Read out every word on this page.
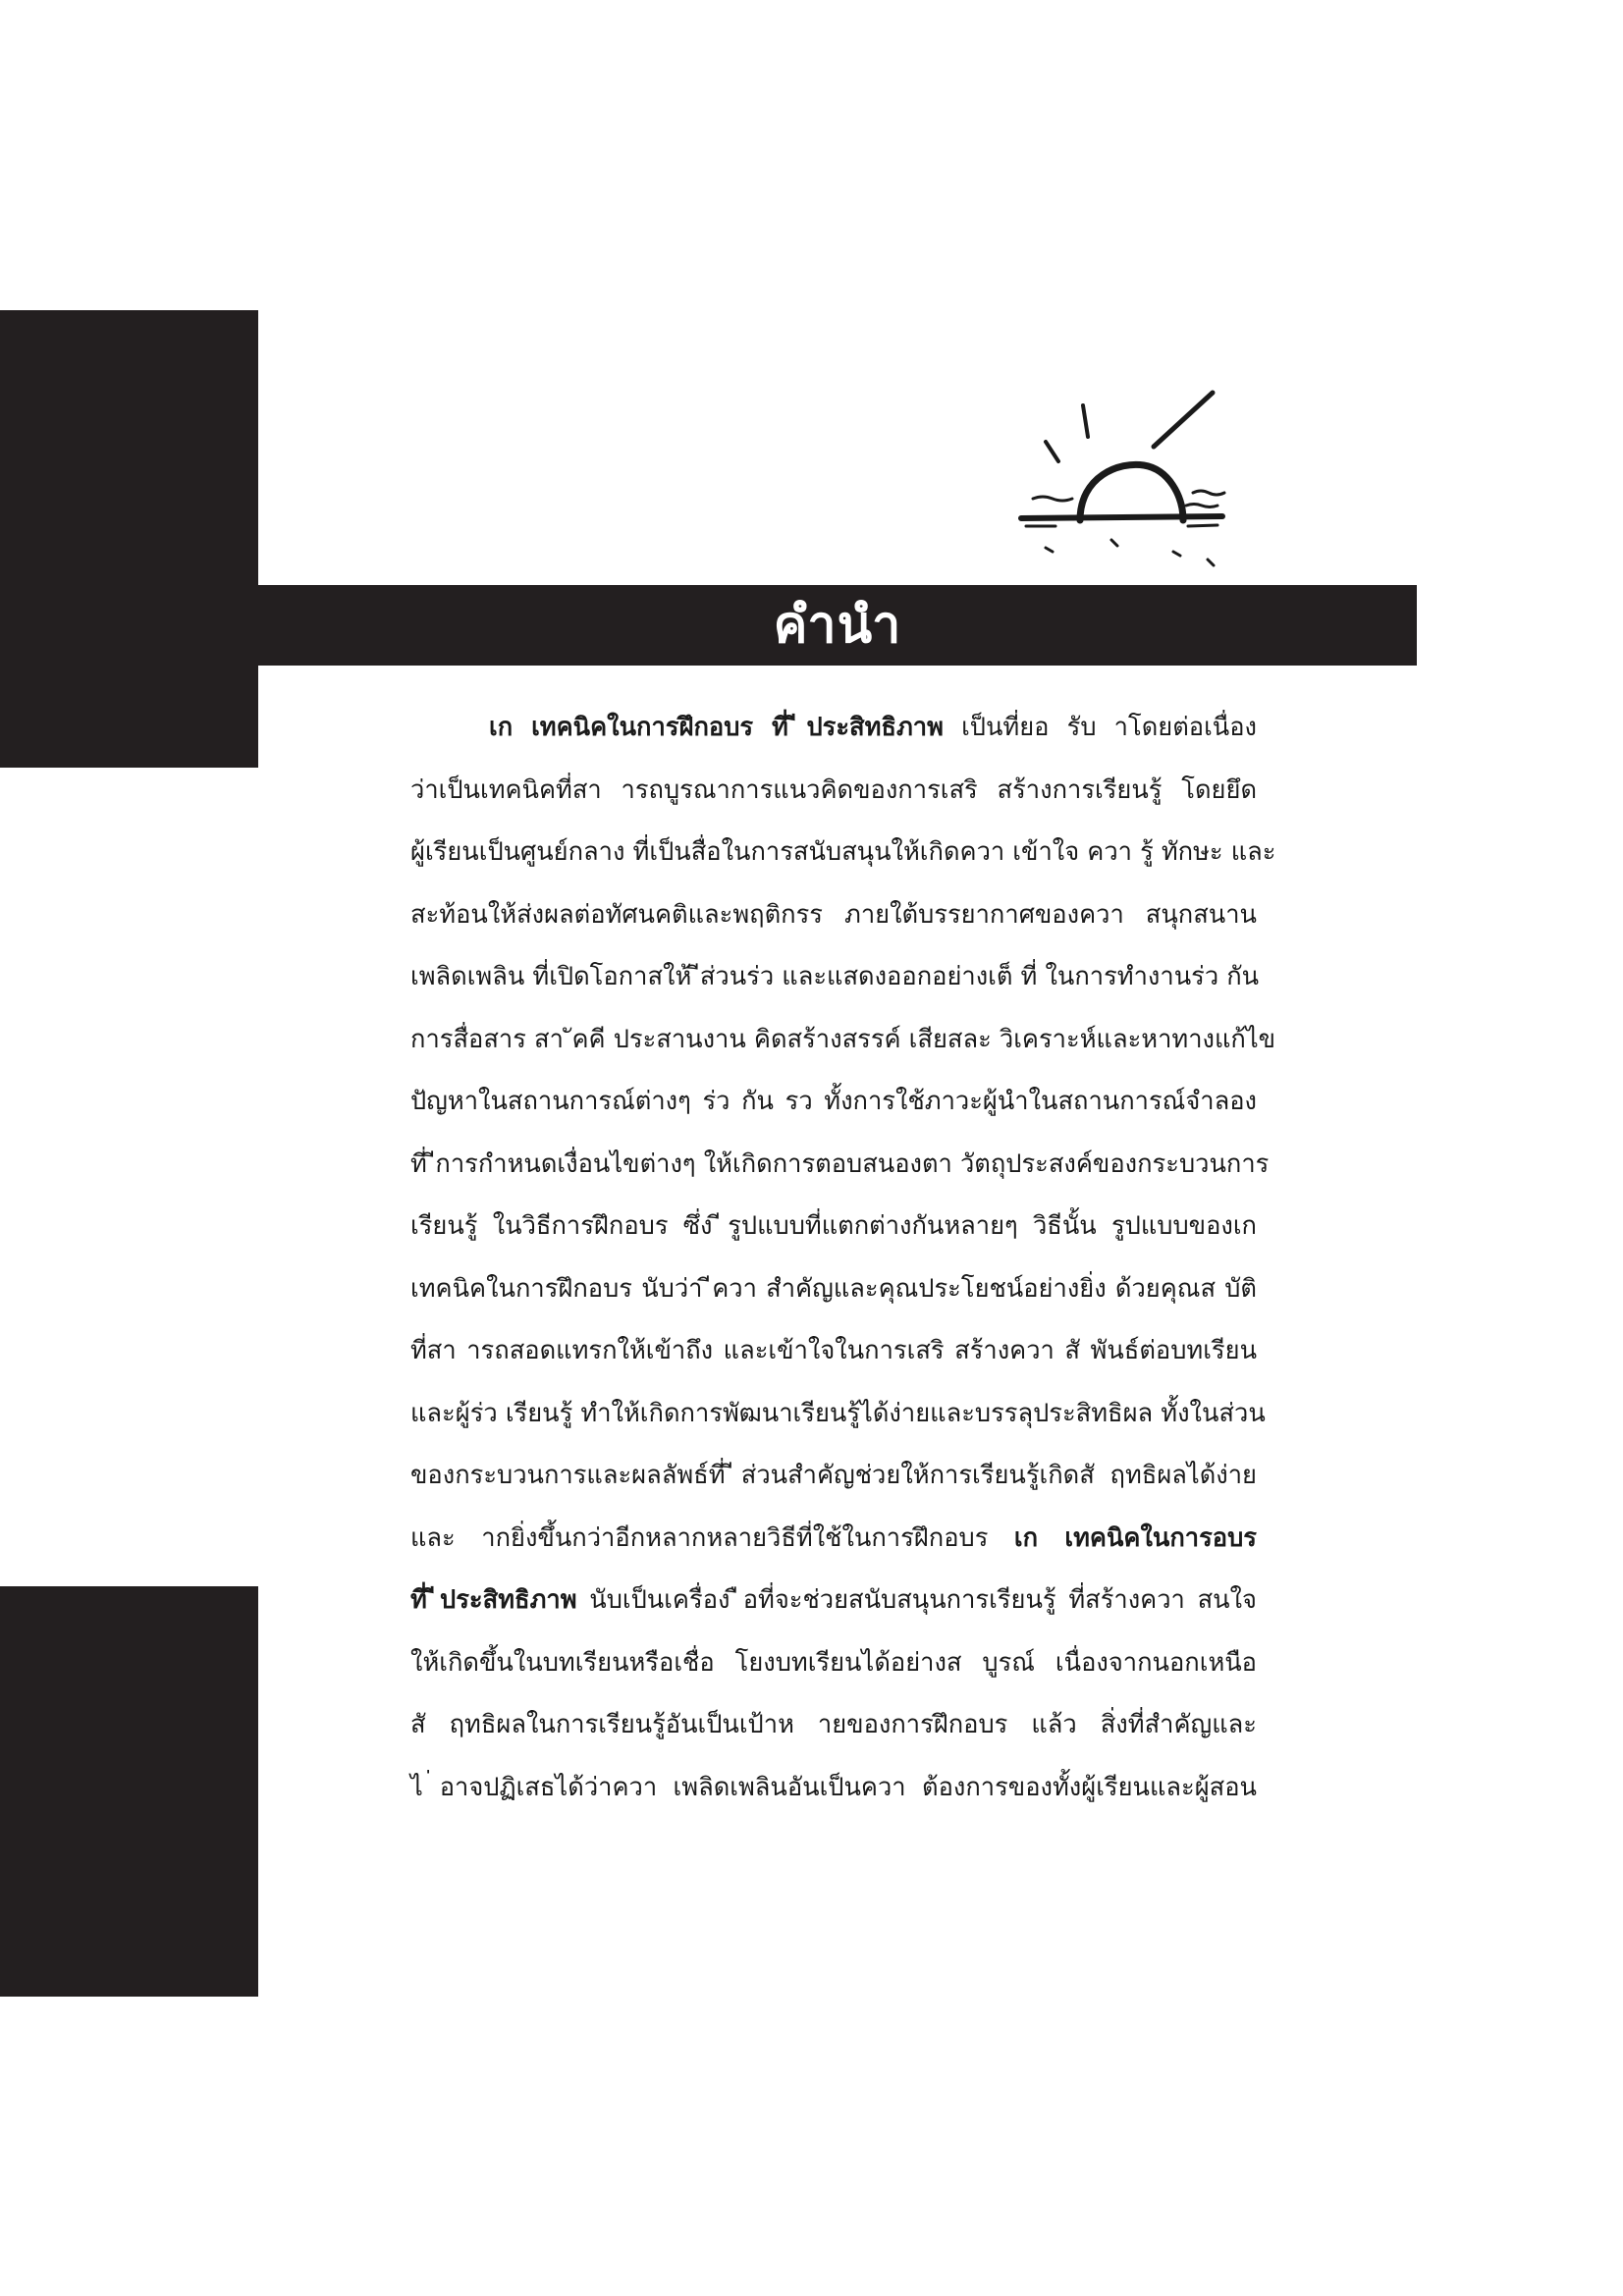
คำนำ
เก เทคนิคในการฝึกอบร ที่ ีประสิทธิภาพ เป็นที่ยอ รับ าโดยต่อเนื่อง
ว่าเป็นเทคนิคที่สา ารถบูรณาการแนวคิดของการเสริ สร้างการเรียนรู้ โดยยึด
ผู้เรียนเป็นศูนย์กลาง ที่เป็นสื่อในการสนับสนุนให้เกิดควา เข้าใจ ควา รู้ ทักษะ และ
สะท้อนให้ส่งผลต่อทัศนคติและพฤติกรร ภายใต้บรรยากาศของควา สนุกสนาน
เพลิดเพลิน ที่เปิดโอกาสให้ ีส่วนร่ว และแสดงออกอย่างเต็ ที่ ในการทำงานร่ว กัน
การสื่อสาร สา ัคคี ประสานงาน คิดสร้างสรรค์ เสียสละ วิเคราะห์และหาทางแก้ไข
ปัญหาในสถานการณ์ต่างๆ ร่ว กัน รว ทั้งการใช้ภาวะผู้นำในสถานการณ์จำลอง
ที่ ีการกำหนดเงื่อนไขต่างๆ ให้เกิดการตอบสนองตา วัตถุประสงค์ของกระบวนการ
เรียนรู้ ในวิธีการฝึกอบร ซึ่ง ีรูปแบบที่แตกต่างกันหลายๆ วิธีนั้น รูปแบบของเก
เทคนิคในการฝึกอบร นับว่า ีควา สำคัญและคุณประโยชน์อย่างยิ่ง ด้วยคุณส บัติ
ที่สา ารถสอดแทรกให้เข้าถึง และเข้าใจในการเสริ สร้างควา สั พันธ์ต่อบทเรียน
และผู้ร่ว เรียนรู้ ทำให้เกิดการพัฒนาเรียนรู้ได้ง่ายและบรรลุประสิทธิผล ทั้งในส่วน
ของกระบวนการและผลลัพธ์ที่ ีส่วนสำคัญช่วยให้การเรียนรู้เกิดสั ฤทธิผลได้ง่าย
และ ากยิ่งขึ้นกว่าอีกหลากหลายวิธีที่ใช้ในการฝึกอบร เก เทคนิคในการอบร
ที่ ีประสิทธิภาพ นับเป็นเครื่อง ือที่จะช่วยสนับสนุนการเรียนรู้ ที่สร้างควา สนใจ
ให้เกิดขึ้นในบทเรียนหรือเชื่อ โยงบทเรียนได้อย่างส บูรณ์ เนื่องจากนอกเหนือ
สั ฤทธิผลในการเรียนรู้อันเป็นเป้าห ายของการฝึกอบร แล้ว สิ่งที่สำคัญและ
ไ ่อาจปฏิเสธได้ว่าควา เพลิดเพลินอันเป็นควา ต้องการของทั้งผู้เรียนและผู้สอน
